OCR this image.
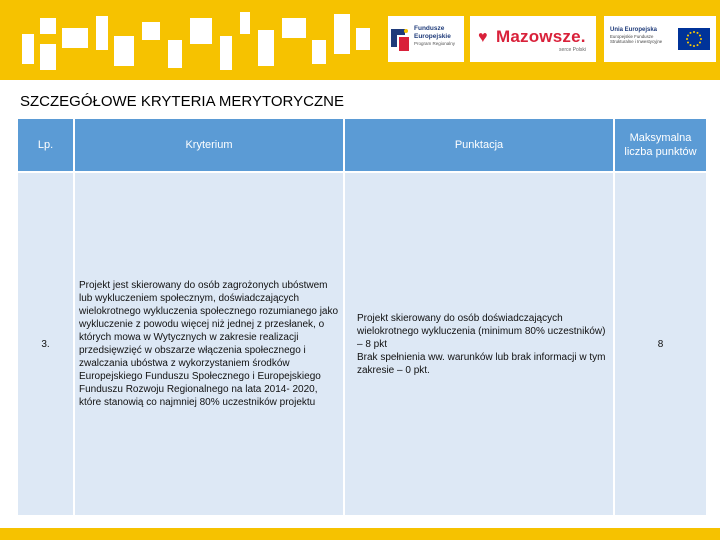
Fundusze
Europejskie
Program Regionalny ♥ Mazowsze.
serce Polski
Unia Europejska
Europejskie Fundusze
Strukturalne i Inwestycyjne
SZCZEGÓŁOWE KRYTERIA MERYTORYCZNE
Lp.	Kryterium	Punktacja	Maksymalna liczba punktów
3.	Projekt jest skierowany do osób zagrożonych ubóstwem lub wykluczeniem społecznym, doświadczających wielokrotnego wykluczenia społecznego rozumianego jako wykluczenie z powodu więcej niż jednej z przesłanek, o których mowa w Wytycznych w zakresie realizacji przedsięwzięć w obszarze włączenia społecznego i zwalczania ubóstwa z wykorzystaniem środków Europejskiego Funduszu Społecznego i Europejskiego Funduszu Rozwoju Regionalnego na lata 2014- 2020, które stanowią co najmniej 80% uczestników projektu	Projekt skierowany do osób doświadczających wielokrotnego wykluczenia (minimum 80% uczestników) – 8 pkt
Brak spełnienia ww. warunków lub brak informacji w tym zakresie – 0 pkt.	8
